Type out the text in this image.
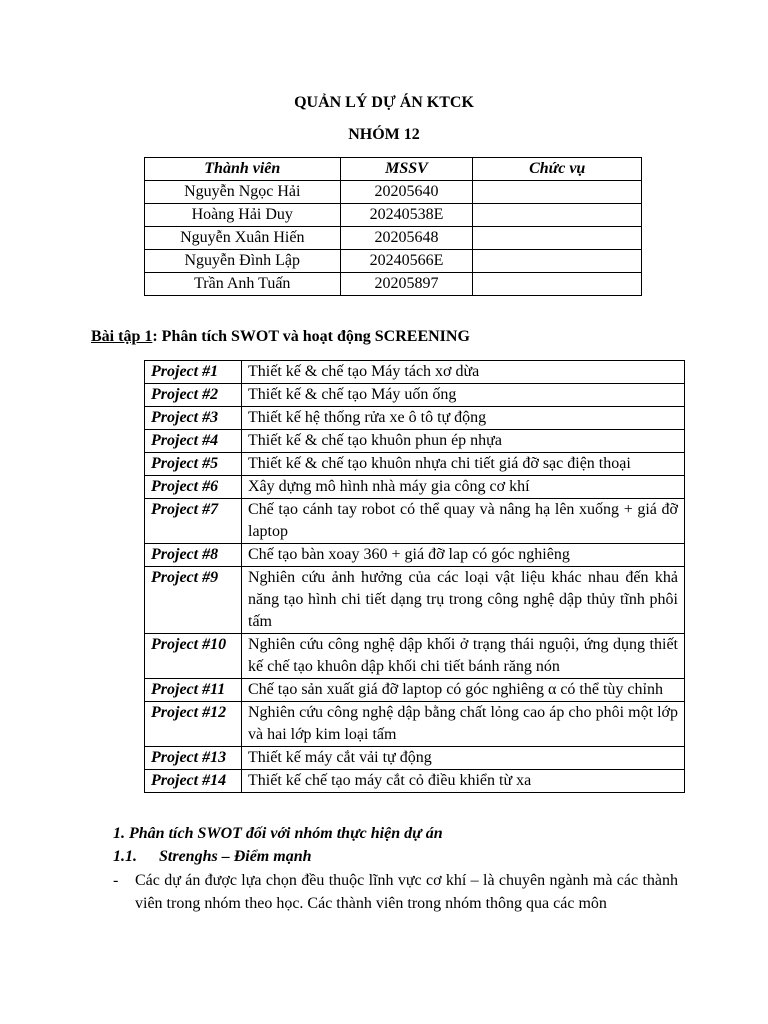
QUẢN LÝ DỰ ÁN KTCK
NHÓM 12
Thành viên	MSSV	Chức vụ
Nguyễn Ngọc Hải	20205640	
Hoàng Hải Duy	20240538E	
Nguyễn Xuân Hiến	20205648	
Nguyễn Đình Lập	20240566E	
Trần Anh Tuấn	20205897	
Bài tập 1: Phân tích SWOT và hoạt động SCREENING
Project #1	Thiết kế & chế tạo Máy tách xơ dừa
Project #2	Thiết kế & chế tạo Máy uốn ống
Project #3	Thiết kế hệ thống rửa xe ô tô tự động
Project #4	Thiết kế & chế tạo khuôn phun ép nhựa
Project #5	Thiết kế & chế tạo khuôn nhựa chi tiết giá đỡ sạc điện thoại
Project #6	Xây dựng mô hình nhà máy gia công cơ khí
Project #7	Chế tạo cánh tay robot có thể quay và nâng hạ lên xuống + giá đỡ laptop
Project #8	Chế tạo bàn xoay 360 + giá đỡ lap có góc nghiêng
Project #9	Nghiên cứu ảnh hưởng của các loại vật liệu khác nhau đến khả năng tạo hình chi tiết dạng trụ trong công nghệ dập thủy tĩnh phôi tấm
Project #10	Nghiên cứu công nghệ dập khối ở trạng thái nguội, ứng dụng thiết kế chế tạo khuôn dập khối chi tiết bánh răng nón
Project #11	Chế tạo sản xuất giá đỡ laptop có góc nghiêng α có thể tùy chỉnh
Project #12	Nghiên cứu công nghệ dập bằng chất lỏng cao áp cho phôi một lớp và hai lớp kim loại tấm
Project #13	Thiết kế máy cắt vải tự động
Project #14	Thiết kế chế tạo máy cắt cỏ điều khiển từ xa
1. Phân tích SWOT đối với nhóm thực hiện dự án
1.1. Strenghs – Điểm mạnh
- Các dự án được lựa chọn đều thuộc lĩnh vực cơ khí – là chuyên ngành mà các thành viên trong nhóm theo học. Các thành viên trong nhóm thông qua các môn
